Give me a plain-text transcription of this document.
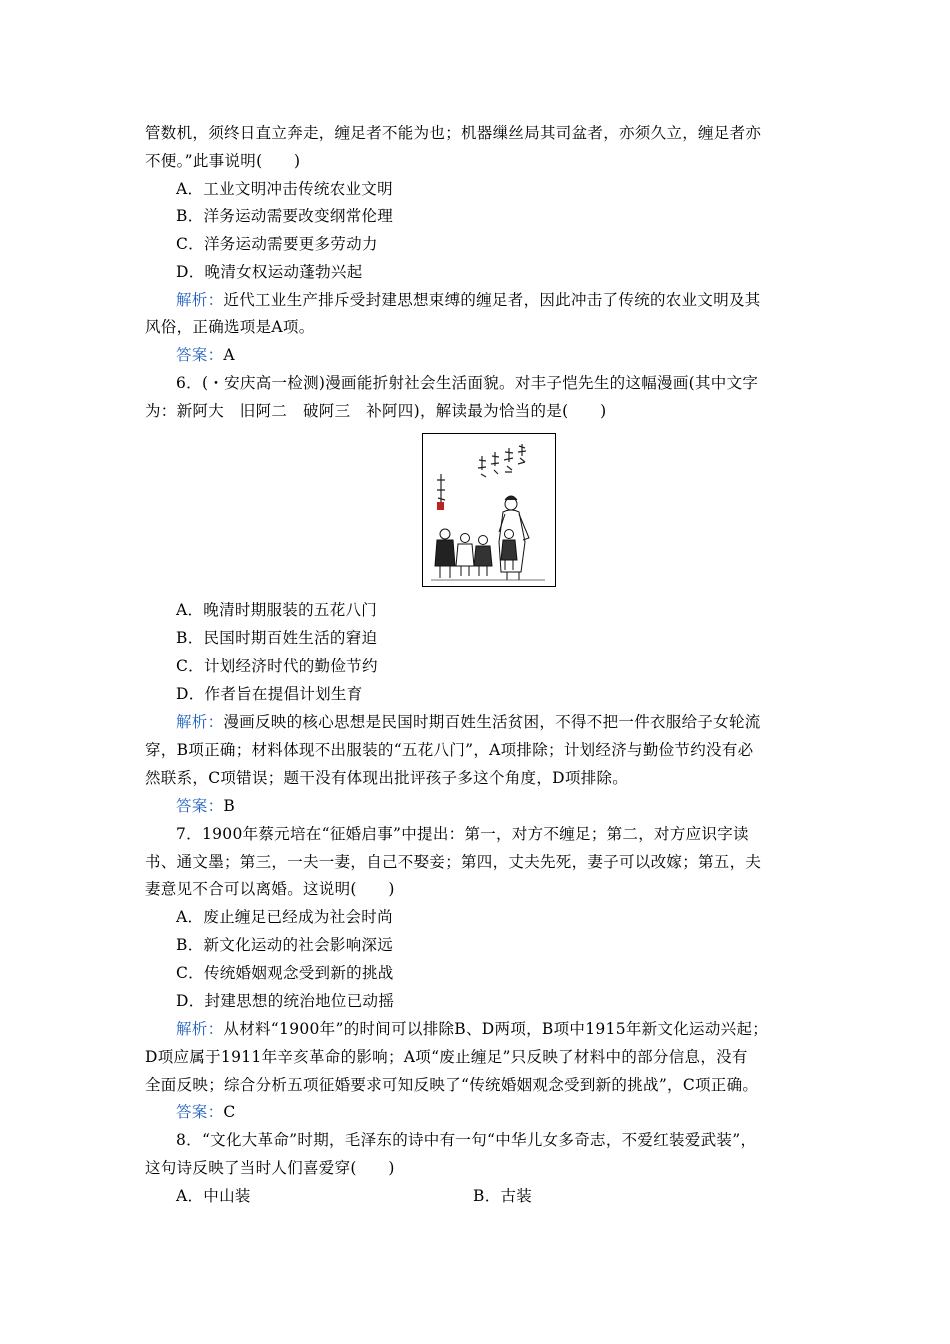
管数机，须终日直立奔走，缠足者不能为也；机器缫丝局其司盆者，亦须久立，缠足者亦
不便。”此事说明(　　)
A．工业文明冲击传统农业文明
B．洋务运动需要改变纲常伦理
C．洋务运动需要更多劳动力
D．晚清女权运动蓬勃兴起
解析：近代工业生产排斥受封建思想束缚的缠足者，因此冲击了传统的农业文明及其
风俗，正确选项是A项。
答案：A
6．(・安庆高一检测)漫画能折射社会生活面貌。对丰子恺先生的这幅漫画(其中文字
为：新阿大　旧阿二　破阿三　补阿四)，解读最为恰当的是(　　)
A．晚清时期服装的五花八门
B．民国时期百姓生活的窘迫
C．计划经济时代的勤俭节约
D．作者旨在提倡计划生育
解析：漫画反映的核心思想是民国时期百姓生活贫困，不得不把一件衣服给子女轮流
穿，B项正确；材料体现不出服装的“五花八门”，A项排除；计划经济与勤俭节约没有必
然联系，C项错误；题干没有体现出批评孩子多这个角度，D项排除。
答案：B
7．1900年蔡元培在“征婚启事”中提出：第一，对方不缠足；第二，对方应识字读
书、通文墨；第三，一夫一妻，自己不娶妾；第四，丈夫先死，妻子可以改嫁；第五，夫
妻意见不合可以离婚。这说明(　　)
A．废止缠足已经成为社会时尚
B．新文化运动的社会影响深远
C．传统婚姻观念受到新的挑战
D．封建思想的统治地位已动摇
解析：从材料“1900年”的时间可以排除B、D两项，B项中1915年新文化运动兴起；
D项应属于1911年辛亥革命的影响；A项“废止缠足”只反映了材料中的部分信息，没有
全面反映；综合分析五项征婚要求可知反映了“传统婚姻观念受到新的挑战”，C项正确。
答案：C
8．“文化大革命”时期，毛泽东的诗中有一句“中华儿女多奇志，不爱红装爱武装”，
这句诗反映了当时人们喜爱穿(　　)
A．中山装	B．古装
